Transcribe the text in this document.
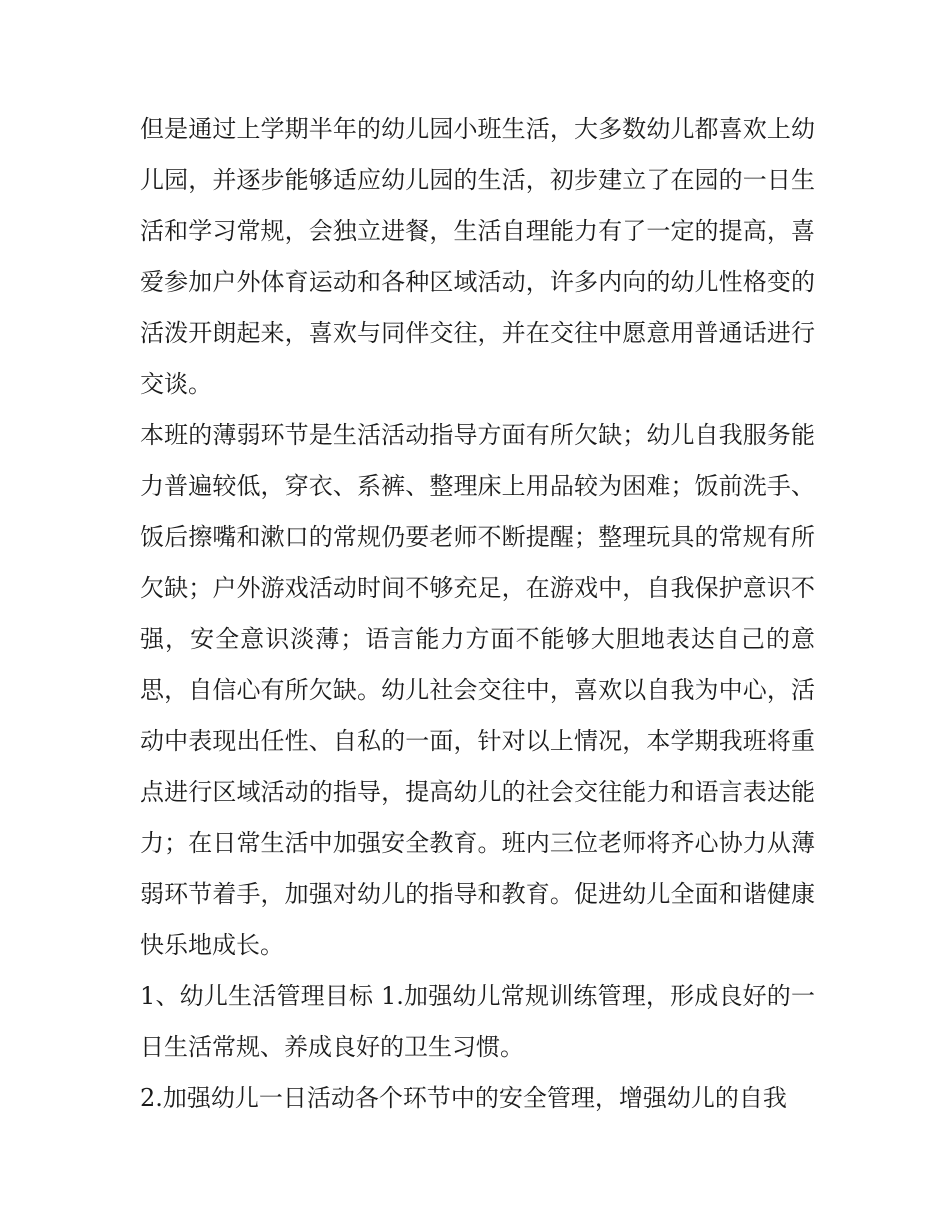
但是通过上学期半年的幼儿园小班生活，大多数幼儿都喜欢上幼儿园，并逐步能够适应幼儿园的生活，初步建立了在园的一日生活和学习常规，会独立进餐，生活自理能力有了一定的提高，喜爱参加户外体育运动和各种区域活动，许多内向的幼儿性格变的活泼开朗起来，喜欢与同伴交往，并在交往中愿意用普通话进行交谈。

本班的薄弱环节是生活活动指导方面有所欠缺；幼儿自我服务能力普遍较低，穿衣、系裤、整理床上用品较为困难；饭前洗手、饭后擦嘴和漱口的常规仍要老师不断提醒；整理玩具的常规有所欠缺；户外游戏活动时间不够充足，在游戏中，自我保护意识不强，安全意识淡薄；语言能力方面不能够大胆地表达自己的意思，自信心有所欠缺。幼儿社会交往中，喜欢以自我为中心，活动中表现出任性、自私的一面，针对以上情况，本学期我班将重点进行区域活动的指导，提高幼儿的社会交往能力和语言表达能力；在日常生活中加强安全教育。班内三位老师将齐心协力从薄弱环节着手，加强对幼儿的指导和教育。促进幼儿全面和谐健康快乐地成长。

1、幼儿生活管理目标 1.加强幼儿常规训练管理，形成良好的一日生活常规、养成良好的卫生习惯。

2.加强幼儿一日活动各个环节中的安全管理，增强幼儿的自我
